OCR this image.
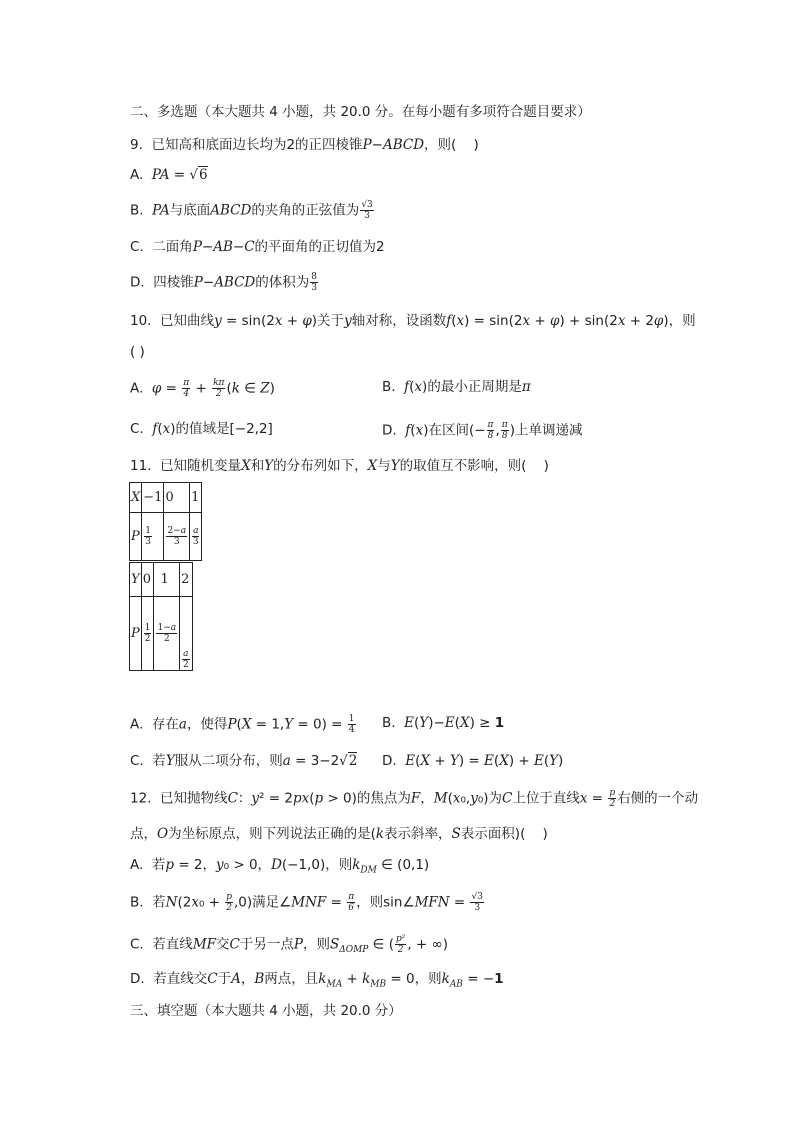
二、多选题（本大题共 4 小题，共 20.0 分。在每小题有多项符合题目要求）
9.  已知高和底面边长均为2的正四棱锥P−ABCD，则(    )
A.  PA = √6
B.  PA与底面ABCD的夹角的正弦值为 $\frac{√3}{3}$
C.  二面角P−AB−C的平面角的正切值为2
D.  四棱锥P−ABCD的体积为 $\frac{8}{3}$
10.  已知曲线y = sin(2x + φ)关于y轴对称，设函数f(x) = sin(2x + φ) + sin(2x + 2φ)，则
( )
A.  $\varphi = \frac{\pi}{4} + \frac{k\pi}{2} (k$ ∈ Z)	B.  f(x)的最小正周期是π
C.  f(x)的值域是[−2,2]	D.  f(x)在区间(− $\frac{\pi}{8}$ , $\frac{\pi}{8}$ )上单调递减
11.  已知随机变量X和Y的分布列如下，X与Y的取值互不影响，则(    )
X	−1	0	1
P	$\frac{1}{3}$	$\frac{2-a}{3}$	$\frac{a}{3}$
Y	0	1	2
P	$\frac{1}{2}$	$\frac{1-a}{2}$	$\frac{a}{2}$
A.  存在a，使得$P(X = 1,Y = 0) = \frac{1}{4} B$.  E(Y)−E(X) ≥ 1
C.  若Y服从二项分布，则a = 3−2√2 D.  E(X + Y) = E(X) + E(Y)
12.  已知抛物线C：y² = 2px(p > 0)的焦点为F，M(x₀,y₀)为C上位于直线$x = \frac{p}{2}$ 右侧的一个动
点，O为坐标原点，则下列说法正确的是(k表示斜率，S表示面积)(    )
A.  若p = 2，y₀ > 0，D(−1,0)，则$k_{DM}$ ∈ (0,1)
B.  若$N(2x_0 + \frac{p}{2} ,0)$满足∠MNF = $\frac{\pi}{6}$ ，则sin∠MFN = $\frac{√3}{3}$
C.  若直线MF交C于另一点P，则$S_{\Delta OMP}$ ∈ ( $\frac{\text{p²}}{2}$ , + ∞)
D.  若直线交C于A，B两点，且$k_{MA} + k_{MB} = 0$，则$k_{AB} = -1$
三、填空题（本大题共 4 小题，共 20.0 分）
